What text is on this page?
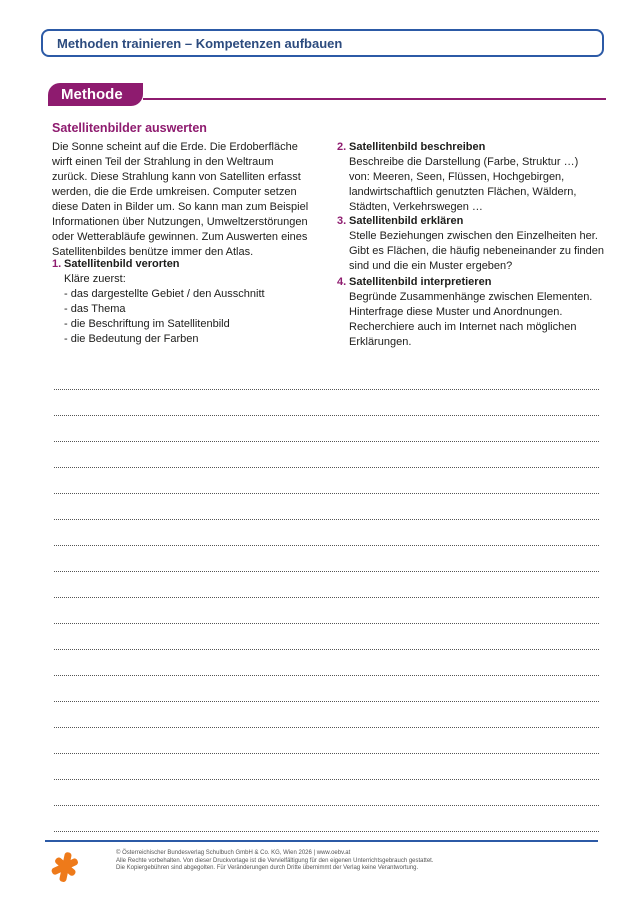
Methoden trainieren – Kompetenzen aufbauen
Methode
Satellitenbilder auswerten
Die Sonne scheint auf die Erde. Die Erdoberfläche
wirft einen Teil der Strahlung in den Weltraum
zurück. Diese Strahlung kann von Satelliten erfasst
werden, die die Erde umkreisen. Computer setzen
diese Daten in Bilder um. So kann man zum Beispiel
Informationen über Nutzungen, Umweltzerstörungen
oder Wetterabläufe gewinnen. Zum Auswerten eines
Satellitenbildes benütze immer den Atlas.
1. Satellitenbild verorten
Kläre zuerst:
- das dargestellte Gebiet / den Ausschnitt
- das Thema
- die Beschriftung im Satellitenbild
- die Bedeutung der Farben
2. Satellitenbild beschreiben
Beschreibe die Darstellung (Farbe, Struktur …)
von: Meeren, Seen, Flüssen, Hochgebirgen,
landwirtschaftlich genutzten Flächen, Wäldern,
Städten, Verkehrswegen …
3. Satellitenbild erklären
Stelle Beziehungen zwischen den Einzelheiten her.
Gibt es Flächen, die häufig nebeneinander zu finden
sind und die ein Muster ergeben?
4. Satellitenbild interpretieren
Begründe Zusammenhänge zwischen Elementen.
Hinterfrage diese Muster und Anordnungen.
Recherchiere auch im Internet nach möglichen
Erklärungen.
© Österreichischer Bundesverlag Schulbuch GmbH & Co. KG, Wien 2026 | www.oebv.at
Alle Rechte vorbehalten. Von dieser Druckvorlage ist die Vervielfältigung für den eigenen Unterrichtsgebrauch gestattet.
Die Kopiergebühren sind abgegolten. Für Veränderungen durch Dritte übernimmt der Verlag keine Verantwortung.
